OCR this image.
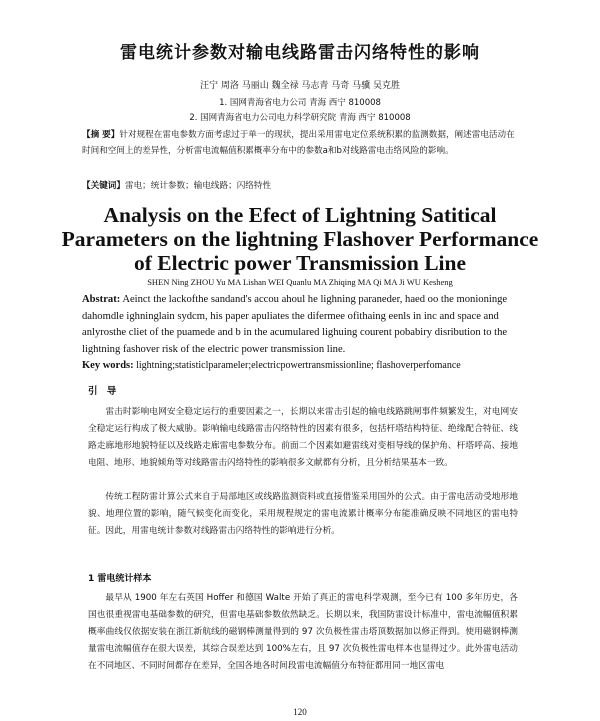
雷电统计参数对输电线路雷击闪络特性的影响
汪宁 周洛 马丽山 魏全禄 马志青 马奇 马骥 吴克胜
1. 国网青海省电力公司 青海 西宁 810008
2. 国网青海省电力公司电力科学研究院 青海 西宁 810008
【摘 要】针对规程在雷电参数方面考虑过于单一的现状，提出采用雷电定位系统积累的监测数据，阐述雷电活动在时间和空间上的差异性，分析雷电流幅值积累概率分布中的参数a和b对线路雷电击络风险的影响。
【关键词】雷电；统计参数；输电线路；闪络特性
Analysis on the Efect of Lightning Satitical
Parameters on the lightning Flashover Performance
of Electric power Transmission Line
SHEN Ning ZHOU Yu MA Lishan WEI Quanlu MA Zhiqing MA Qi MA Ji WU Kesheng
Abstrat: Aeinct the lackofthe sandand's accou ahoul he lighning paraneder, haed oo the monioninge dahomdle ighninglain sydcm, his paper apuliates the difermee ofithaing eenls in inc and space and anlyrosthe cliet of the puamede and b in the acumulared lighuing courent pobabiry disribution to the lightning fashover risk of the electric power transmission line.
Key words: lightning;statisticlparameler;electricpowertransmissionline; flashoverperfomance
引 导

雷击时影响电网安全稳定运行的重要因素之一，长期以来雷击引起的输电线路跳闸事件频繁发生，对电网安全稳定运行构成了极大威胁。影响输电线路雷击闪络特性的因素有很多，包括杆塔结构特征、绝缘配合特征、线路走廊地形地貌特征以及线路走廊雷电参数分布。前面二个因素如避雷线对变相导线的保护角、杆塔呼高、接地电阻、地形、地貌倾角等对线路雷击闪络特性的影响很多文献都有分析，且分析结果基本一致。

传统工程防雷计算公式来自于局部地区或线路监测资料或直接借鉴采用国外的公式。由于雷电活动受地形地貌、地理位置的影响，随气候变化而变化，采用规程规定的雷电流累计概率分布能准确反映不同地区的雷电特征。因此，用雷电统计参数对线路雷击闪络特性的影响进行分析。

1 雷电统计样本

最早从 1900 年左右英国 Hoffer 和德国 Walte 开始了真正的雷电科学观测，至今已有 100 多年历史，各国也很重视雷电基础参数的研究，但雷电基础参数依然缺乏。长期以来，我国防雷设计标准中，雷电流幅值积累概率曲线仅依据安装在浙江新航线的磁钢棒测量得到的 97 次负极性雷击塔顶数据加以修正得到。使用磁钢棒测量雷电流幅值存在很大误差，其综合误差达到 100%左右，且 97 次负极性雷电样本也显得过少。此外雷电活动在不同地区、不同时间都存在差异，全国各地各时间段雷电流幅值分布特征都用同一地区雷电

120
